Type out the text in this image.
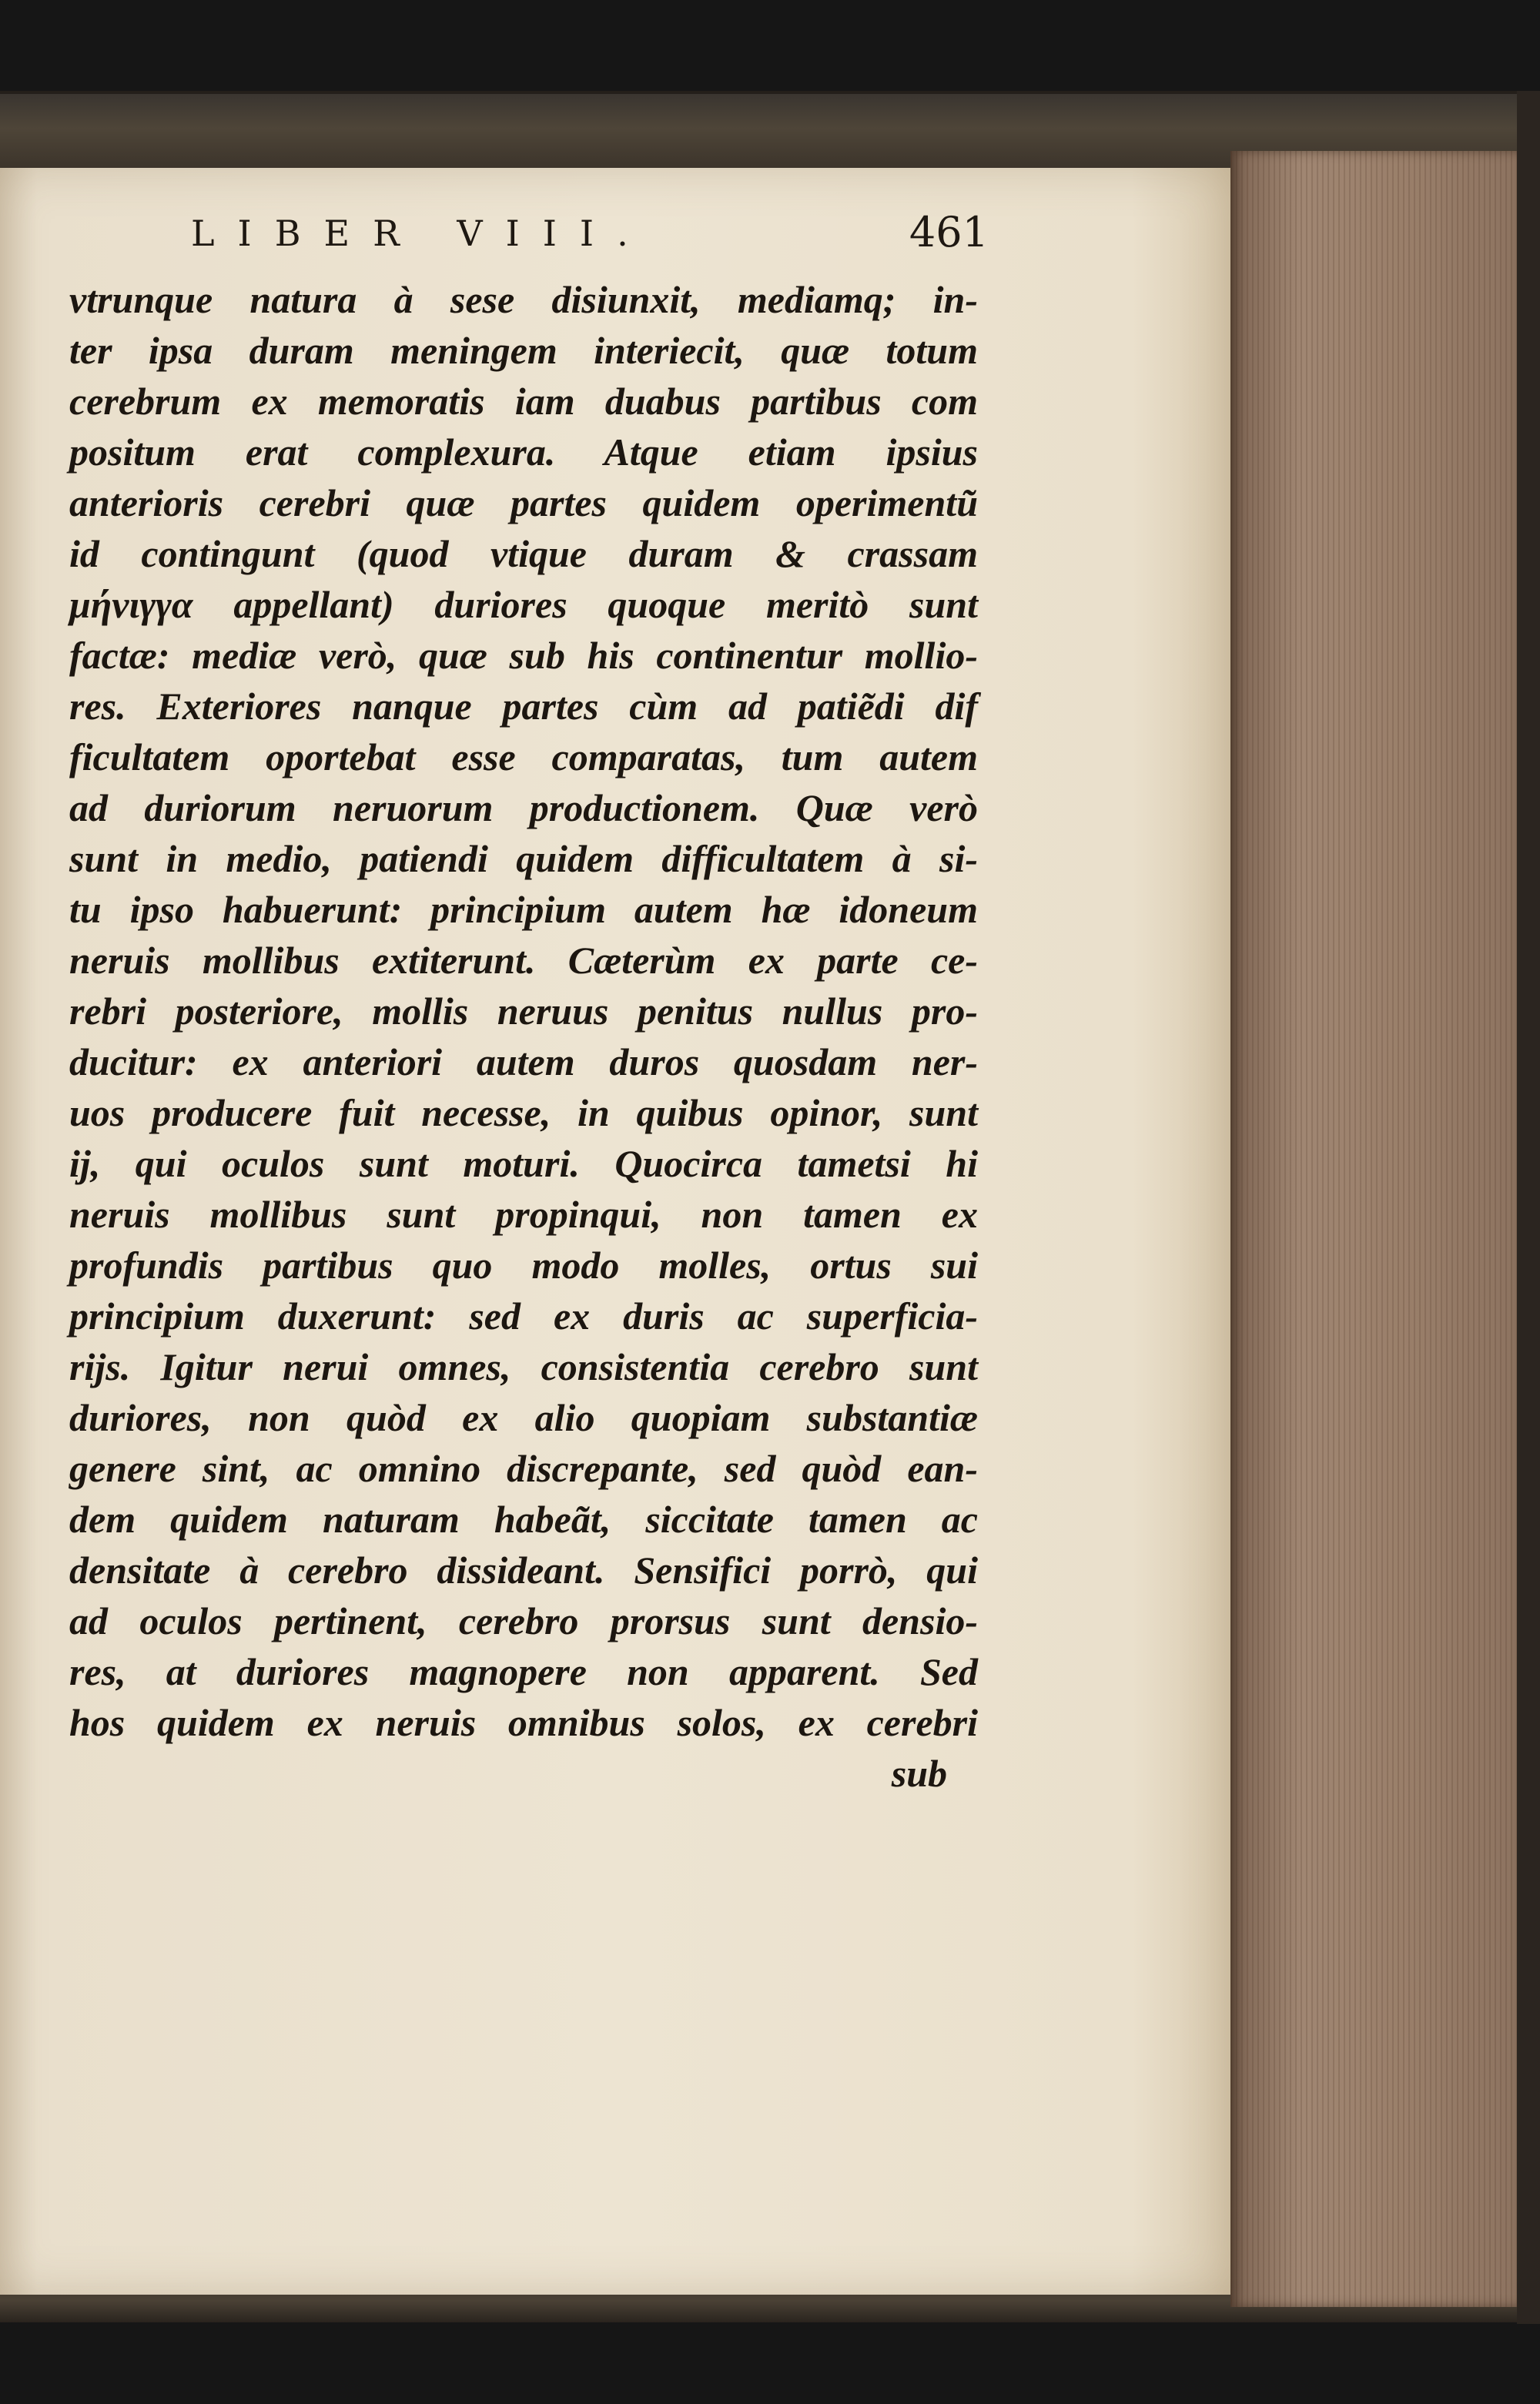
LIBER VIII.	461
vtrunque natura à sese disiunxit, mediamq; in-
ter ipsa duram meningem interiecit, quæ totum
cerebrum ex memoratis iam duabus partibus com
positum erat complexura. Atque etiam ipsius
anterioris cerebri quæ partes quidem operimentũ
id contingunt (quod vtique duram & crassam
μήνιγγα appellant) duriores quoque meritò sunt
factæ: mediæ verò, quæ sub his continentur mollio-
res. Exteriores nanque partes cùm ad patiẽdi dif
ficultatem oportebat esse comparatas, tum autem
ad duriorum neruorum productionem. Quæ verò
sunt in medio, patiendi quidem difficultatem à si-
tu ipso habuerunt: principium autem hæ idoneum
neruis mollibus extiterunt. Cæterùm ex parte ce-
rebri posteriore, mollis neruus penitus nullus pro-
ducitur: ex anteriori autem duros quosdam ner-
uos producere fuit necesse, in quibus opinor, sunt
ij, qui oculos sunt moturi. Quocirca tametsi hi
neruis mollibus sunt propinqui, non tamen ex
profundis partibus quo modo molles, ortus sui
principium duxerunt: sed ex duris ac superficia-
rijs. Igitur nerui omnes, consistentia cerebro sunt
duriores, non quòd ex alio quopiam substantiæ
genere sint, ac omnino discrepante, sed quòd ean-
dem quidem naturam habeãt, siccitate tamen ac
densitate à cerebro dissideant. Sensifici porrò, qui
ad oculos pertinent, cerebro prorsus sunt densio-
res, at duriores magnopere non apparent. Sed
hos quidem ex neruis omnibus solos, ex cerebri
sub
